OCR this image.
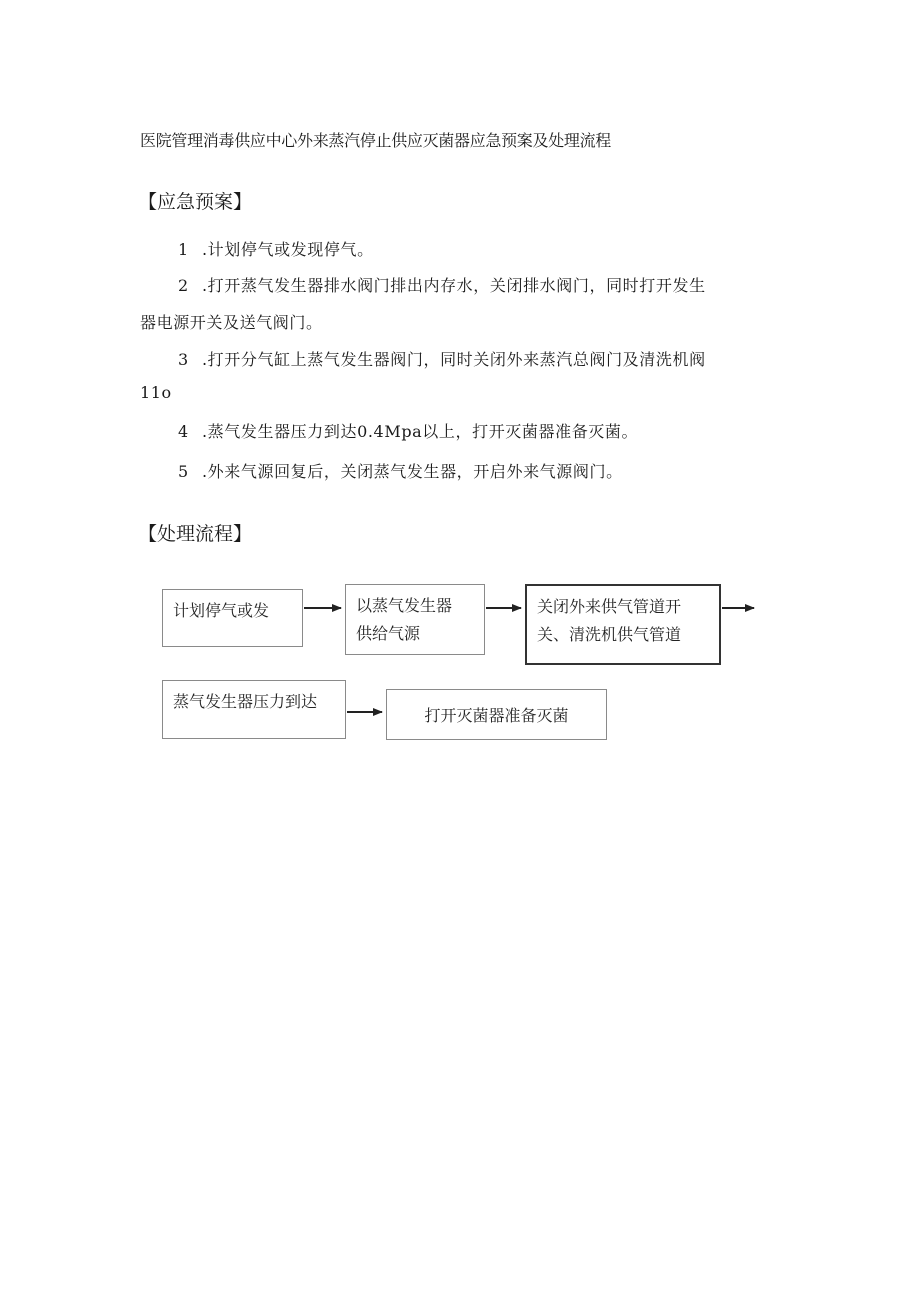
医院管理消毒供应中心外来蒸汽停止供应灭菌器应急预案及处理流程
【应急预案】
1 .计划停气或发现停气。
2 .打开蒸气发生器排水阀门排出内存水，关闭排水阀门，同时打开发生
器电源开关及送气阀门。
3 .打开分气缸上蒸气发生器阀门，同时关闭外来蒸汽总阀门及清洗机阀
11o
4 .蒸气发生器压力到达0.4Mpa以上，打开灭菌器准备灭菌。
5 .外来气源回复后，关闭蒸气发生器，开启外来气源阀门。
【处理流程】
计划停气或发	以蒸气发生器
供给气源
关闭外来供气管道开
关、清洗机供气管道
蒸气发生器压力到达
打开灭菌器准备灭菌
